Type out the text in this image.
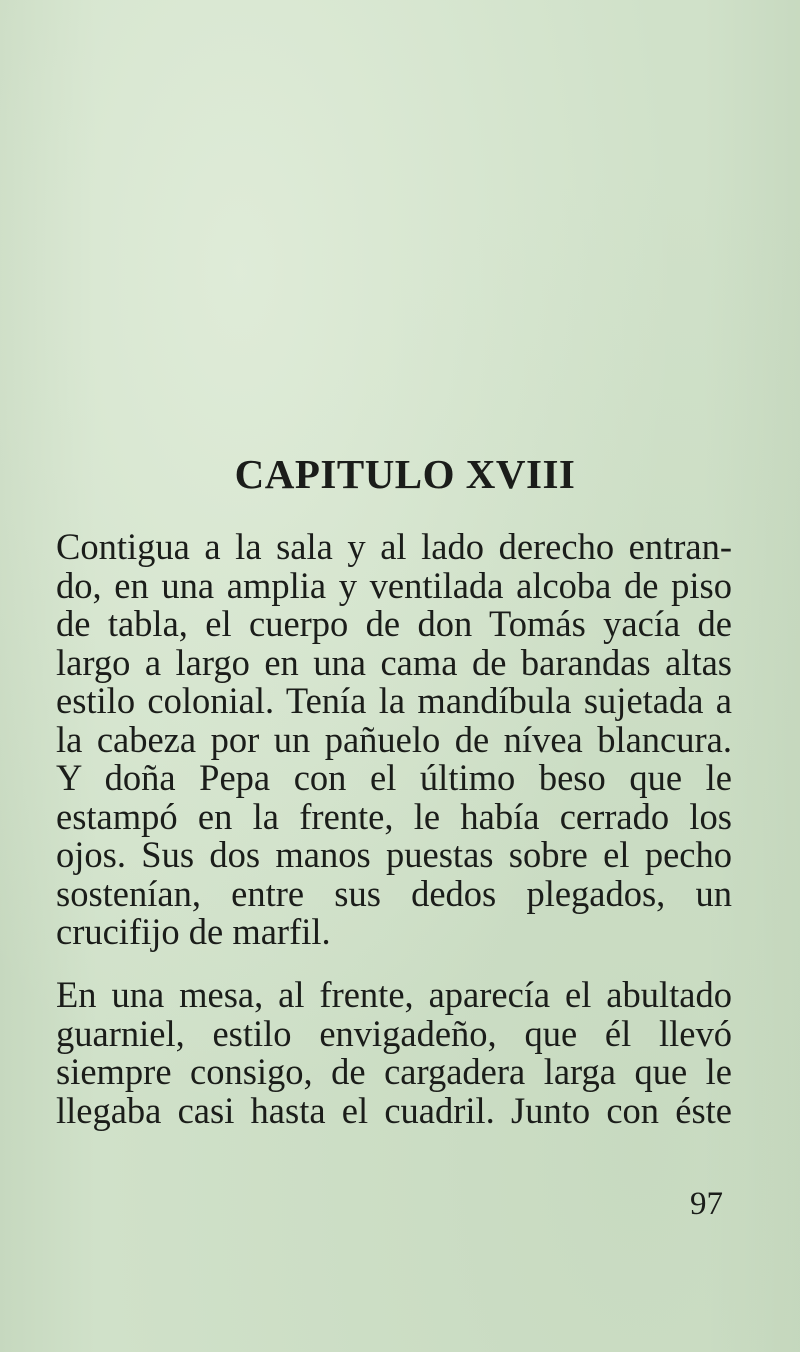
CAPITULO XVIII
Contigua a la sala y al lado derecho entran-
do, en una amplia y ventilada alcoba de piso
de tabla, el cuerpo de don Tomás yacía de
largo a largo en una cama de barandas altas
estilo colonial. Tenía la mandíbula sujetada a
la cabeza por un pañuelo de nívea blancura.
Y doña Pepa con el último beso que le
estampó en la frente, le había cerrado los
ojos. Sus dos manos puestas sobre el pecho
sostenían, entre sus dedos plegados, un
crucifijo de marfil.
En una mesa, al frente, aparecía el abultado
guarniel, estilo envigadeño, que él llevó
siempre consigo, de cargadera larga que le
llegaba casi hasta el cuadril. Junto con éste
97
